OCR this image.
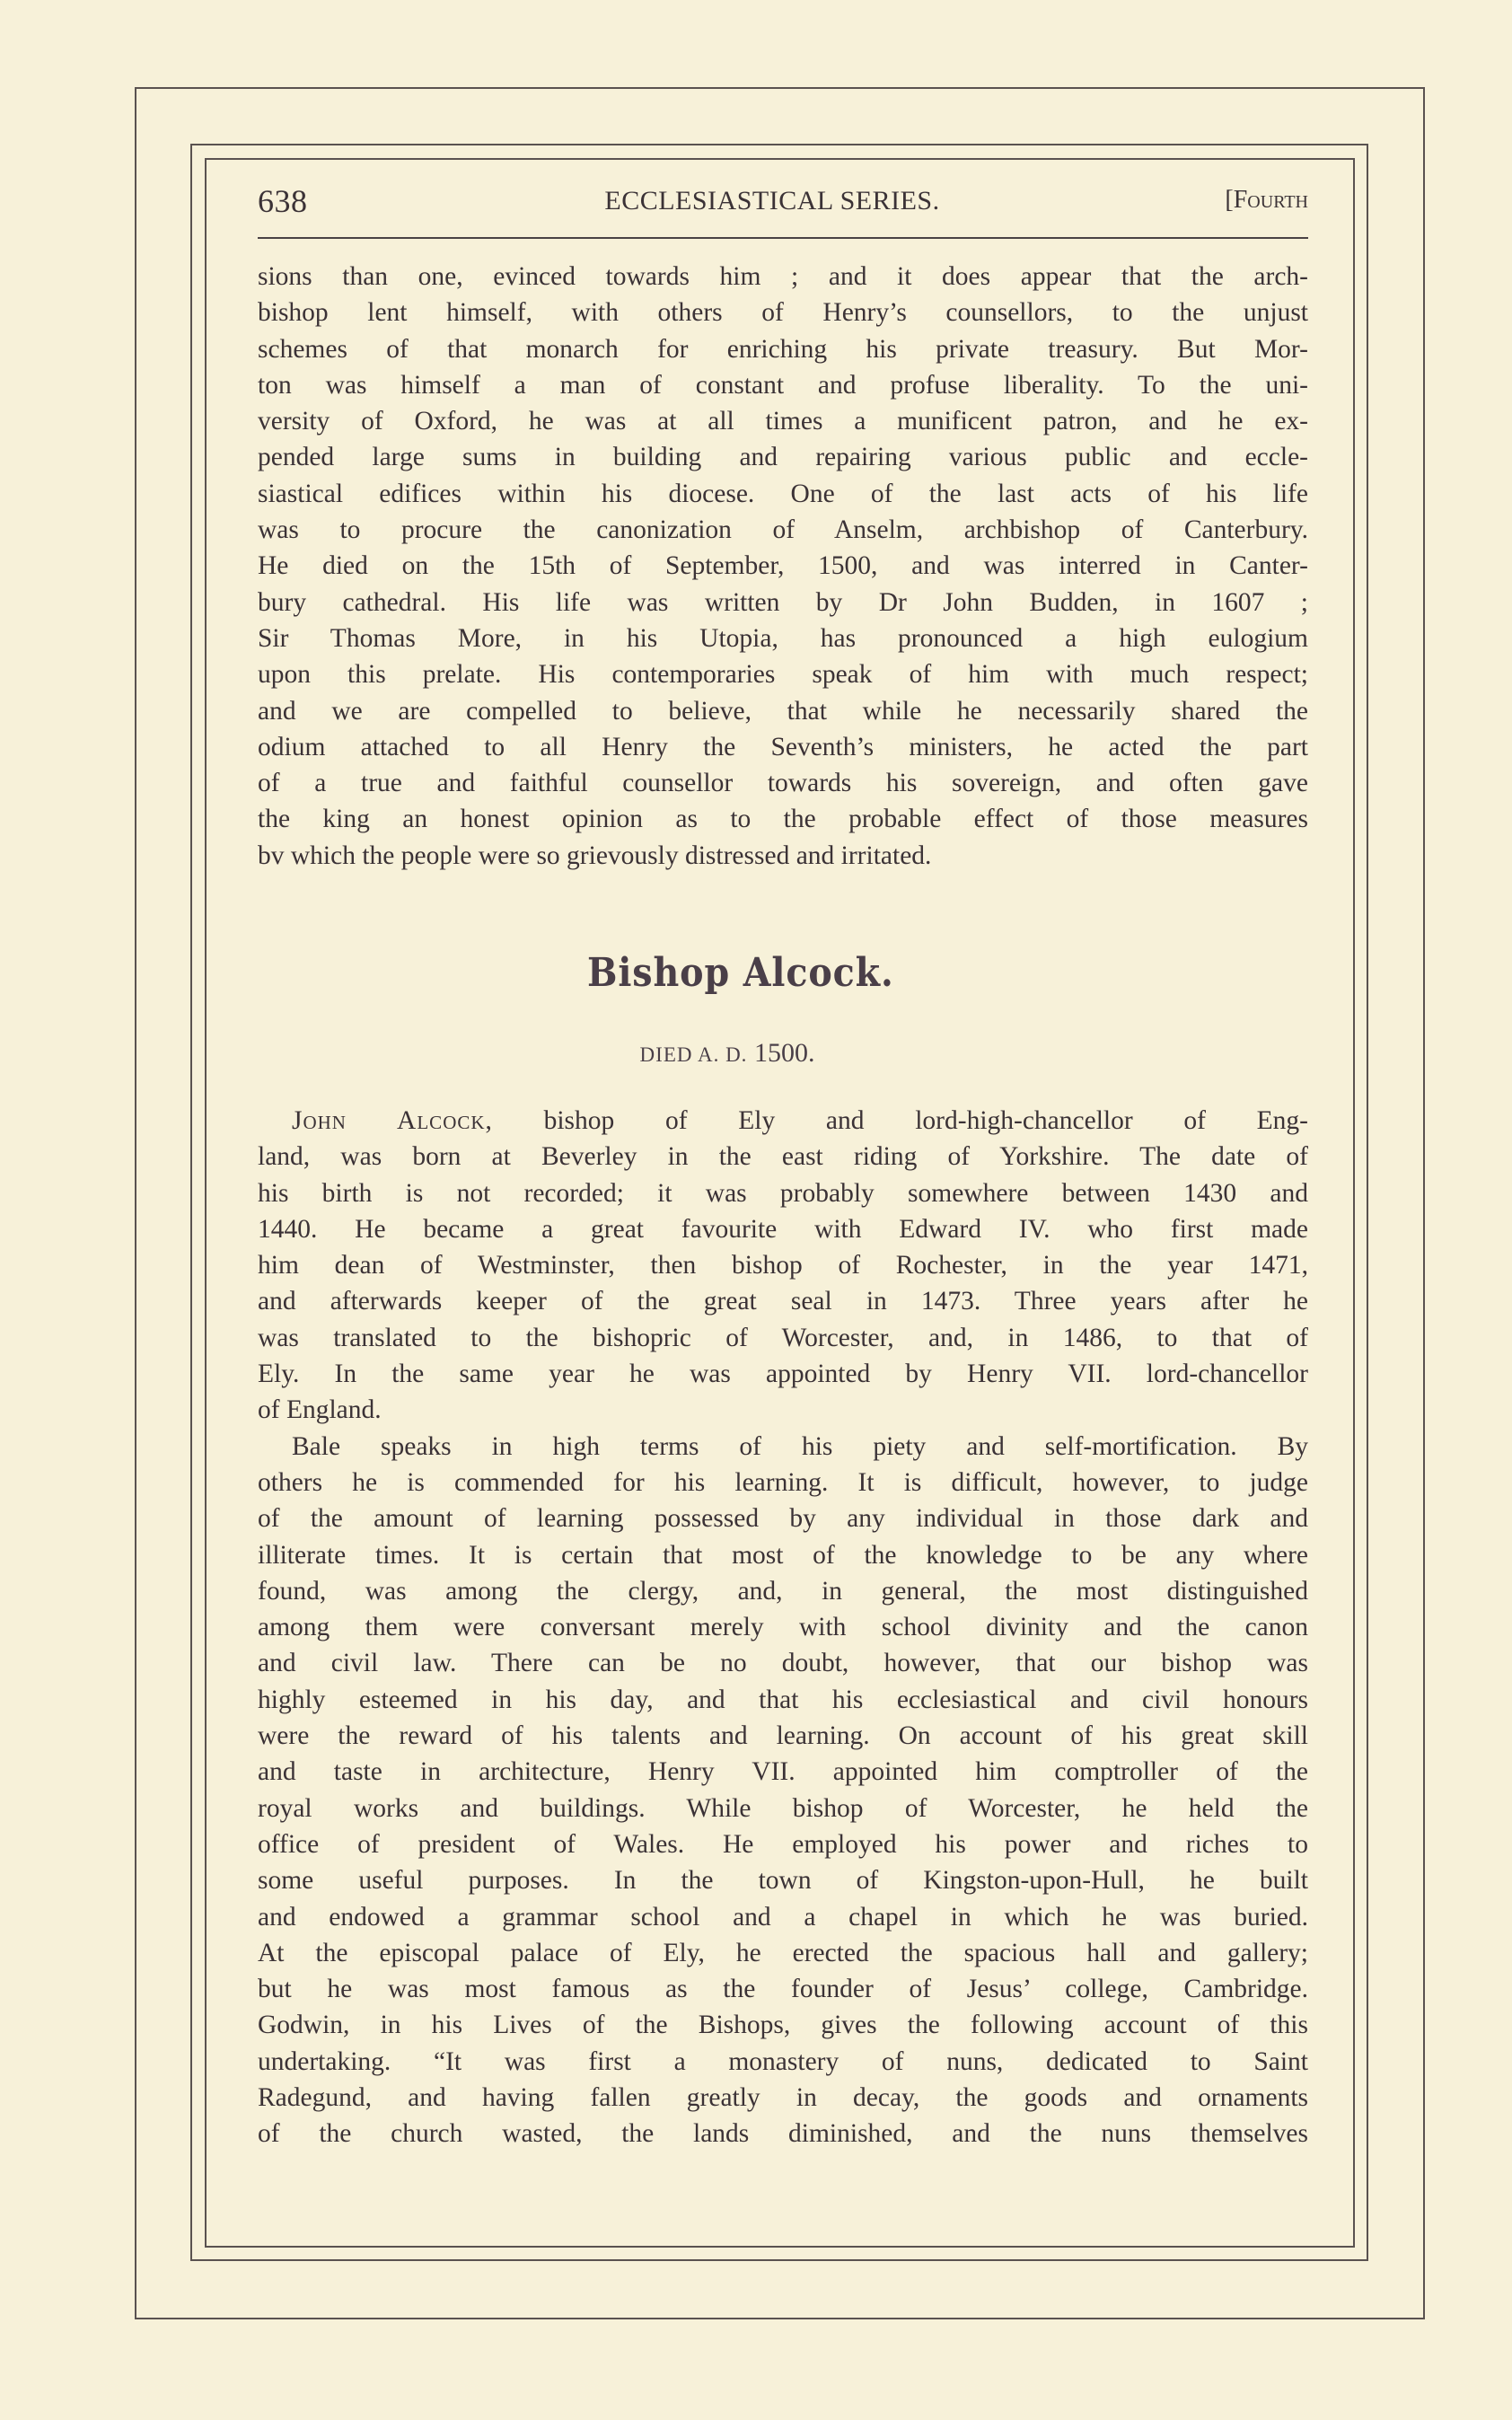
638	ECCLESIASTICAL SERIES.	[Fourth
sions than one, evinced towards him ; and it does appear that the arch-
bishop lent himself, with others of Henry’s counsellors, to the unjust
schemes of that monarch for enriching his private treasury. But Mor-
ton was himself a man of constant and profuse liberality. To the uni-
versity of Oxford, he was at all times a munificent patron, and he ex-
pended large sums in building and repairing various public and eccle-
siastical edifices within his diocese. One of the last acts of his life
was to procure the canonization of Anselm, archbishop of Canterbury.
He died on the 15th of September, 1500, and was interred in Canter-
bury cathedral. His life was written by Dr John Budden, in 1607 ;
Sir Thomas More, in his Utopia, has pronounced a high eulogium
upon this prelate. His contemporaries speak of him with much respect;
and we are compelled to believe, that while he necessarily shared the
odium attached to all Henry the Seventh’s ministers, he acted the part
of a true and faithful counsellor towards his sovereign, and often gave
the king an honest opinion as to the probable effect of those measures
bv which the people were so grievously distressed and irritated.
Bishop Alcock.
DIED A. D. 1500.
John Alcock, bishop of Ely and lord-high-chancellor of Eng-
land, was born at Beverley in the east riding of Yorkshire. The date of
his birth is not recorded; it was probably somewhere between 1430 and
1440. He became a great favourite with Edward IV. who first made
him dean of Westminster, then bishop of Rochester, in the year 1471,
and afterwards keeper of the great seal in 1473. Three years after he
was translated to the bishopric of Worcester, and, in 1486, to that of
Ely. In the same year he was appointed by Henry VII. lord-chancellor
of England.
Bale speaks in high terms of his piety and self-mortification. By
others he is commended for his learning. It is difficult, however, to judge
of the amount of learning possessed by any individual in those dark and
illiterate times. It is certain that most of the knowledge to be any where
found, was among the clergy, and, in general, the most distinguished
among them were conversant merely with school divinity and the canon
and civil law. There can be no doubt, however, that our bishop was
highly esteemed in his day, and that his ecclesiastical and civil honours
were the reward of his talents and learning. On account of his great skill
and taste in architecture, Henry VII. appointed him comptroller of the
royal works and buildings. While bishop of Worcester, he held the
office of president of Wales. He employed his power and riches to
some useful purposes. In the town of Kingston-upon-Hull, he built
and endowed a grammar school and a chapel in which he was buried.
At the episcopal palace of Ely, he erected the spacious hall and gallery;
but he was most famous as the founder of Jesus’ college, Cambridge.
Godwin, in his Lives of the Bishops, gives the following account of this
undertaking. “It was first a monastery of nuns, dedicated to Saint
Radegund, and having fallen greatly in decay, the goods and ornaments
of the church wasted, the lands diminished, and the nuns themselves
